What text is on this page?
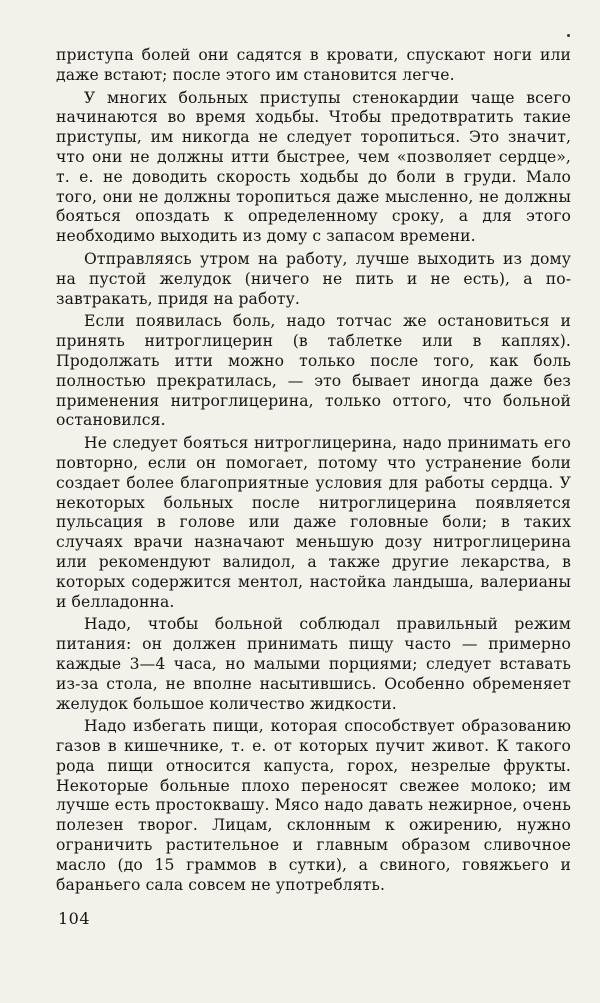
приступа болей они садятся в кровати, спускают ноги или даже встают; после этого им становится легче.

У многих больных приступы стенокардии чаще всего начинаются во время ходьбы. Чтобы предотвратить такие приступы, им никогда не следует торопиться. Это значит, что они не должны итти быстрее, чем «позволяет сердце», т. е. не доводить скорость ходьбы до боли в груди. Мало того, они не должны торопиться даже мысленно, не должны бояться опоздать к определенному сроку, а для этого необходимо выходить из дому с запасом времени.

Отправляясь утром на работу, лучше выходить из дому на пустой желудок (ничего не пить и не есть), а позавтракать, придя на работу.

Если появилась боль, надо тотчас же остановиться и принять нитроглицерин (в таблетке или в каплях). Продолжать итти можно только после того, как боль полностью прекратилась, — это бывает иногда даже без применения нитроглицерина, только оттого, что больной остановился.

Не следует бояться нитроглицерина, надо принимать его повторно, если он помогает, потому что устранение боли создает более благоприятные условия для работы сердца. У некоторых больных после нитроглицерина появляется пульсация в голове или даже головные боли; в таких случаях врачи назначают меньшую дозу нитроглицерина или рекомендуют валидол, а также другие лекарства, в которых содержится ментол, настойка ландыша, валерианы и белладонна.

Надо, чтобы больной соблюдал правильный режим питания: он должен принимать пищу часто — примерно каждые 3—4 часа, но малыми порциями; следует вставать из-за стола, не вполне насытившись. Особенно обременяет желудок большое количество жидкости.

Надо избегать пищи, которая способствует образованию газов в кишечнике, т. е. от которых пучит живот. К такого рода пищи относится капуста, горох, незрелые фрукты. Некоторые больные плохо переносят свежее молоко; им лучше есть простоквашу. Мясо надо давать нежирное, очень полезен творог. Лицам, склонным к ожирению, нужно ограничить растительное и главным образом сливочное масло (до 15 граммов в сутки), а свиного, говяжьего и бараньего сала совсем не употреблять.

104
